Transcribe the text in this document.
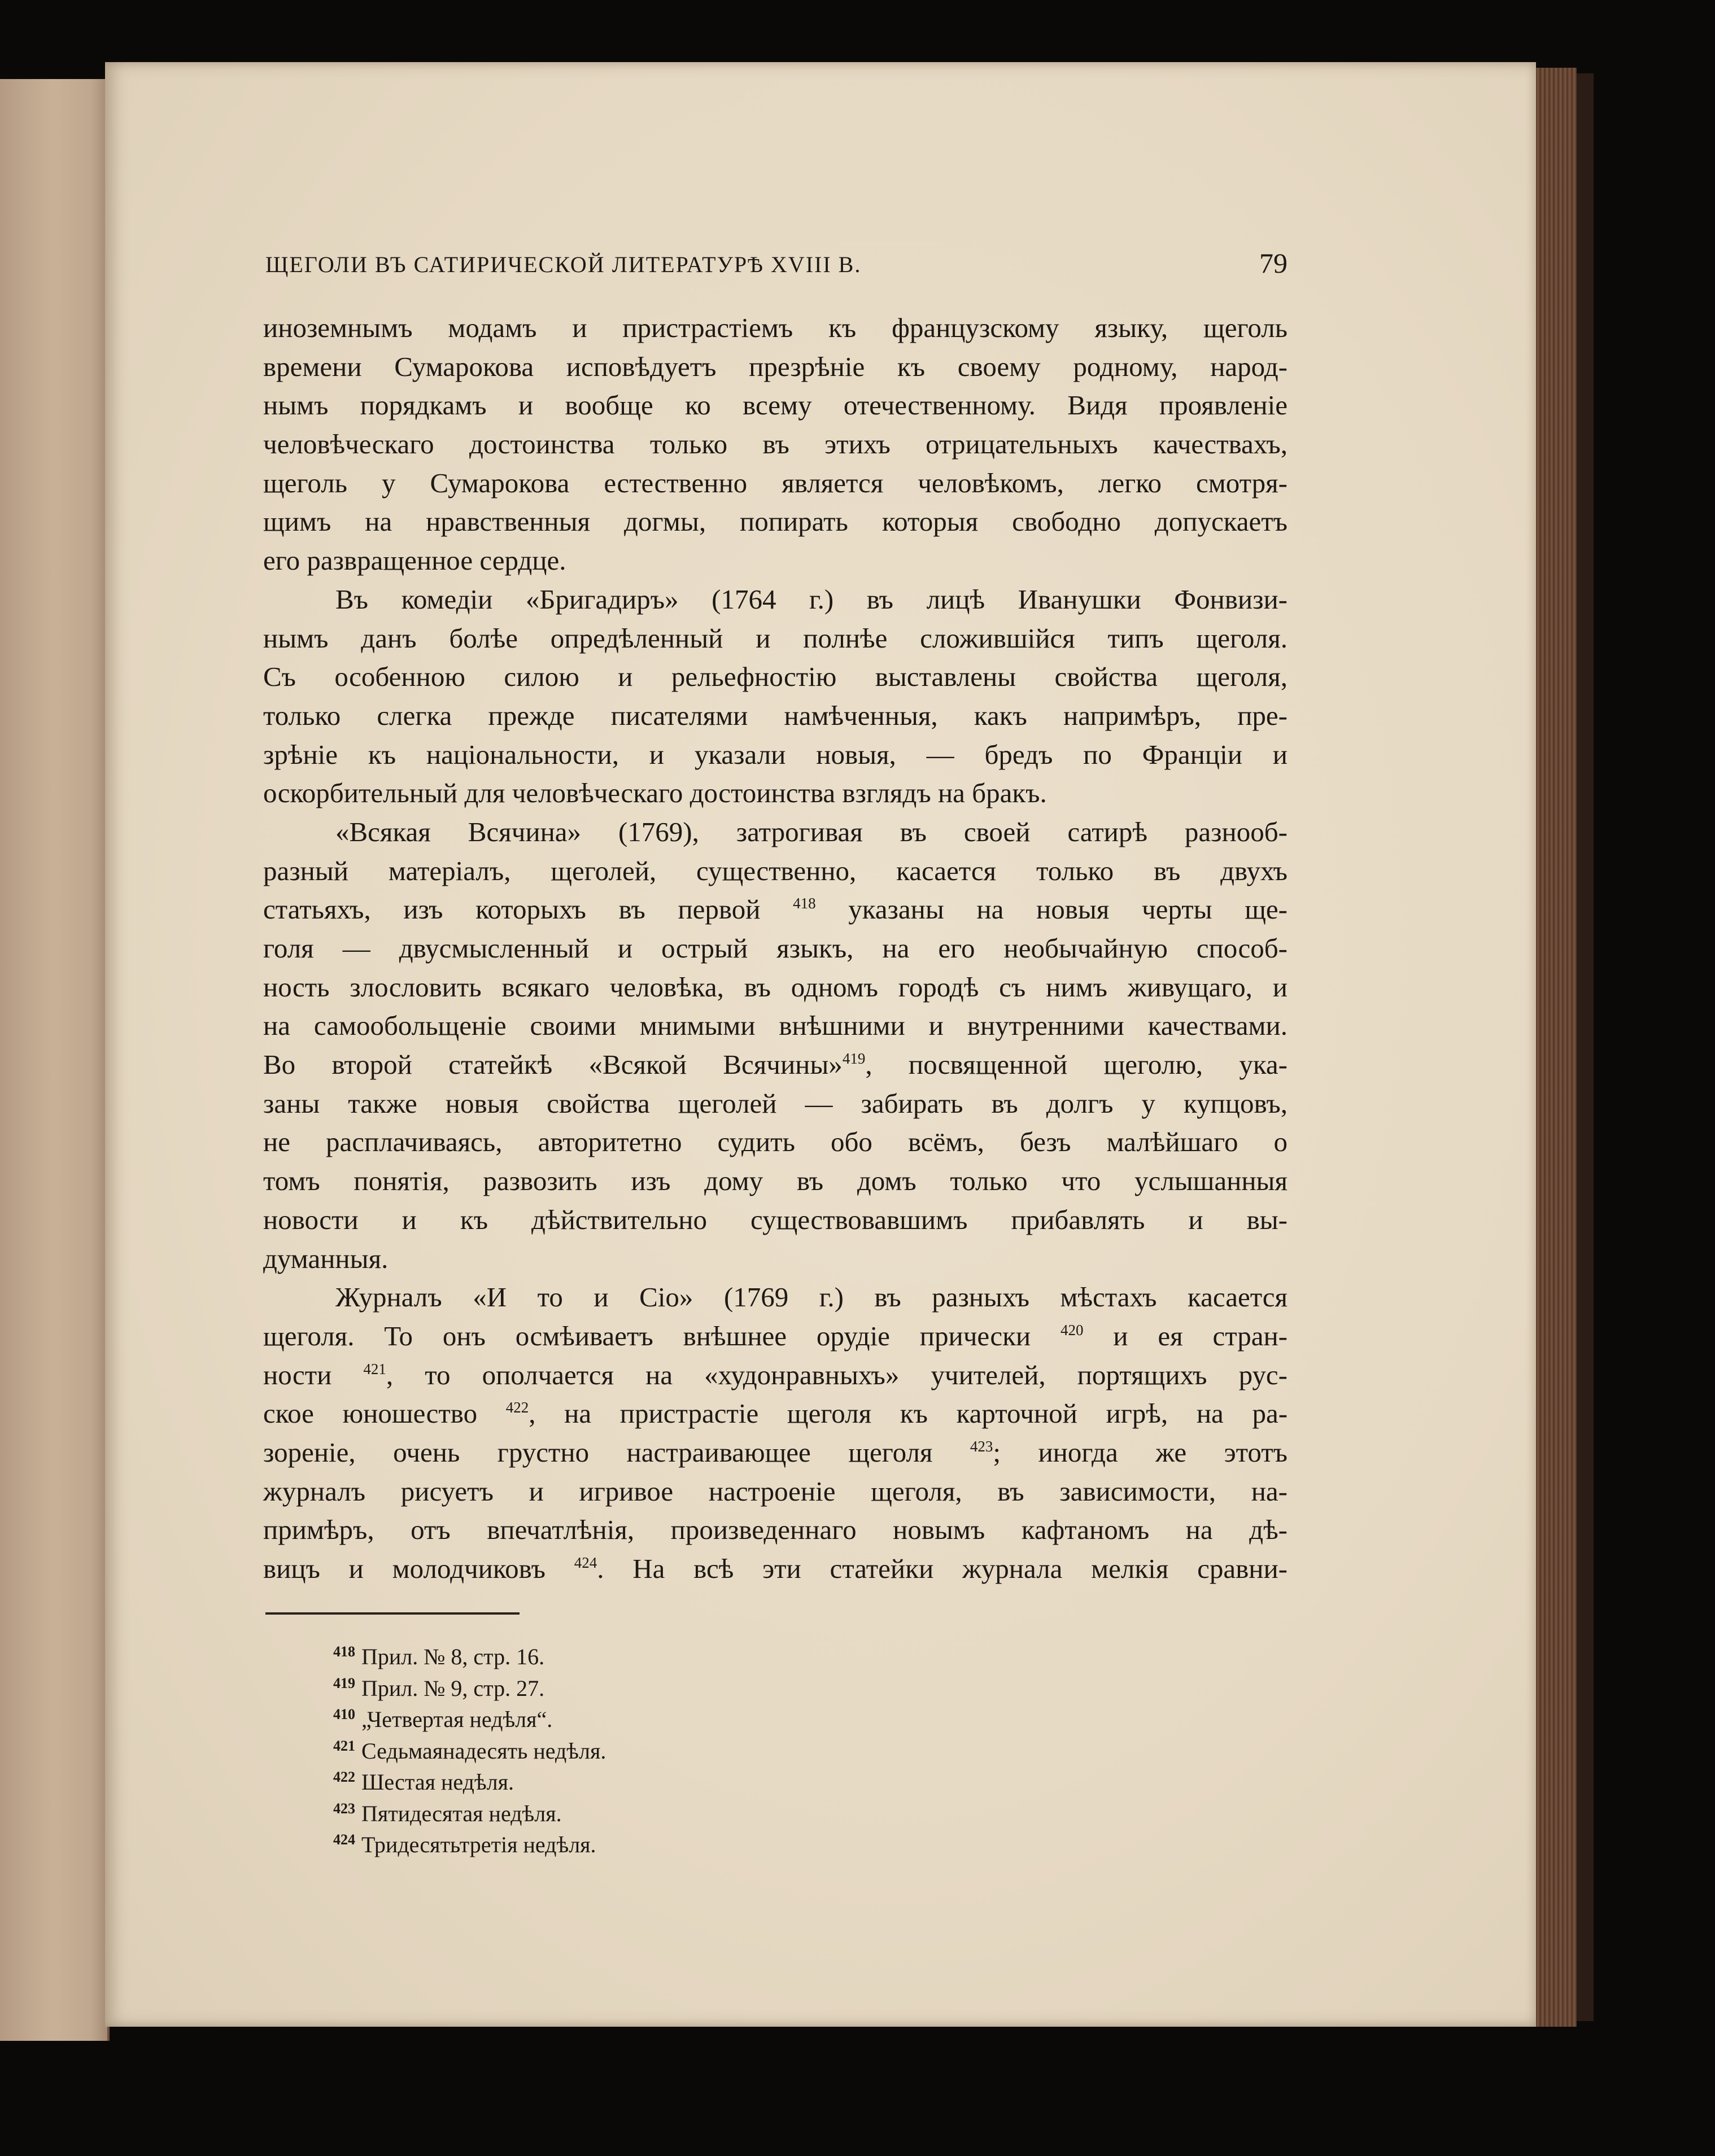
ЩЕГОЛИ ВЪ САТИРИЧЕСКОЙ ЛИТЕРАТУРѢ XVIII В.	79
иноземнымъ модамъ и пристрастіемъ къ французскому языку, щеголь
времени Сумарокова исповѣдуетъ презрѣніе къ своему родному, народ-
нымъ порядкамъ и вообще ко всему отечественному. Видя проявленіе
человѣческаго достоинства только въ этихъ отрицательныхъ качествахъ,
щеголь у Сумарокова естественно является человѣкомъ, легко смотря-
щимъ на нравственныя догмы, попирать которыя свободно допускаетъ
его развращенное сердце.
Въ комедіи «Бригадиръ» (1764 г.) въ лицѣ Иванушки Фонвизи-
нымъ данъ болѣе опредѣленный и полнѣе сложившійся типъ щеголя.
Съ особенною силою и рельефностію выставлены свойства щеголя,
только слегка прежде писателями намѣченныя, какъ напримѣръ, пре-
зрѣніе къ національности, и указали новыя, — бредъ по Франціи и
оскорбительный для человѣческаго достоинства взглядъ на бракъ.
«Всякая Всячина» (1769), затрогивая въ своей сатирѣ разнооб-
разный матеріалъ, щеголей, существенно, касается только въ двухъ
статьяхъ, изъ которыхъ въ первой $^{418}$ указаны на новыя черты ще-
голя — двусмысленный и острый языкъ, на его необычайную способ-
ность злословить всякаго человѣка, въ одномъ городѣ съ нимъ живущаго, и
на самообольщеніе своими мнимыми внѣшними и внутренними качествами.
Во второй статейкѣ «Всякой Всячины»$^{419}$, посвященной щеголю, ука-
заны также новыя свойства щеголей — забирать въ долгъ у купцовъ,
не расплачиваясь, авторитетно судить обо всёмъ, безъ малѣйшаго о
томъ понятія, развозить изъ дому въ домъ только что услышанныя
новости и къ дѣйствительно существовавшимъ прибавлять и вы-
думанныя.
Журналъ «И то и Сіо» (1769 г.) въ разныхъ мѣстахъ касается
щеголя. То онъ осмѣиваетъ внѣшнее орудіе прически $^{420}$ и ея стран-
ности $^{421}$, то ополчается на «худонравныхъ» учителей, портящихъ рус-
ское юношество $^{422}$, на пристрастіе щеголя къ карточной игрѣ, на ра-
зореніе, очень грустно настраивающее щеголя $^{423}$; иногда же этотъ
журналъ рисуетъ и игривое настроеніе щеголя, въ зависимости, на-
примѣръ, отъ впечатлѣнія, произведеннаго новымъ кафтаномъ на дѣ-
вицъ и молодчиковъ $^{424}$. На всѣ эти статейки журнала мелкія сравни-
418 Прил. № 8, стр. 16.
419 Прил. № 9, стр. 27.
410 „Четвертая недѣля“.
421 Седьмаянадесять недѣля.
422 Шестая недѣля.
423 Пятидесятая недѣля.
424 Тридесятьтретія недѣля.
